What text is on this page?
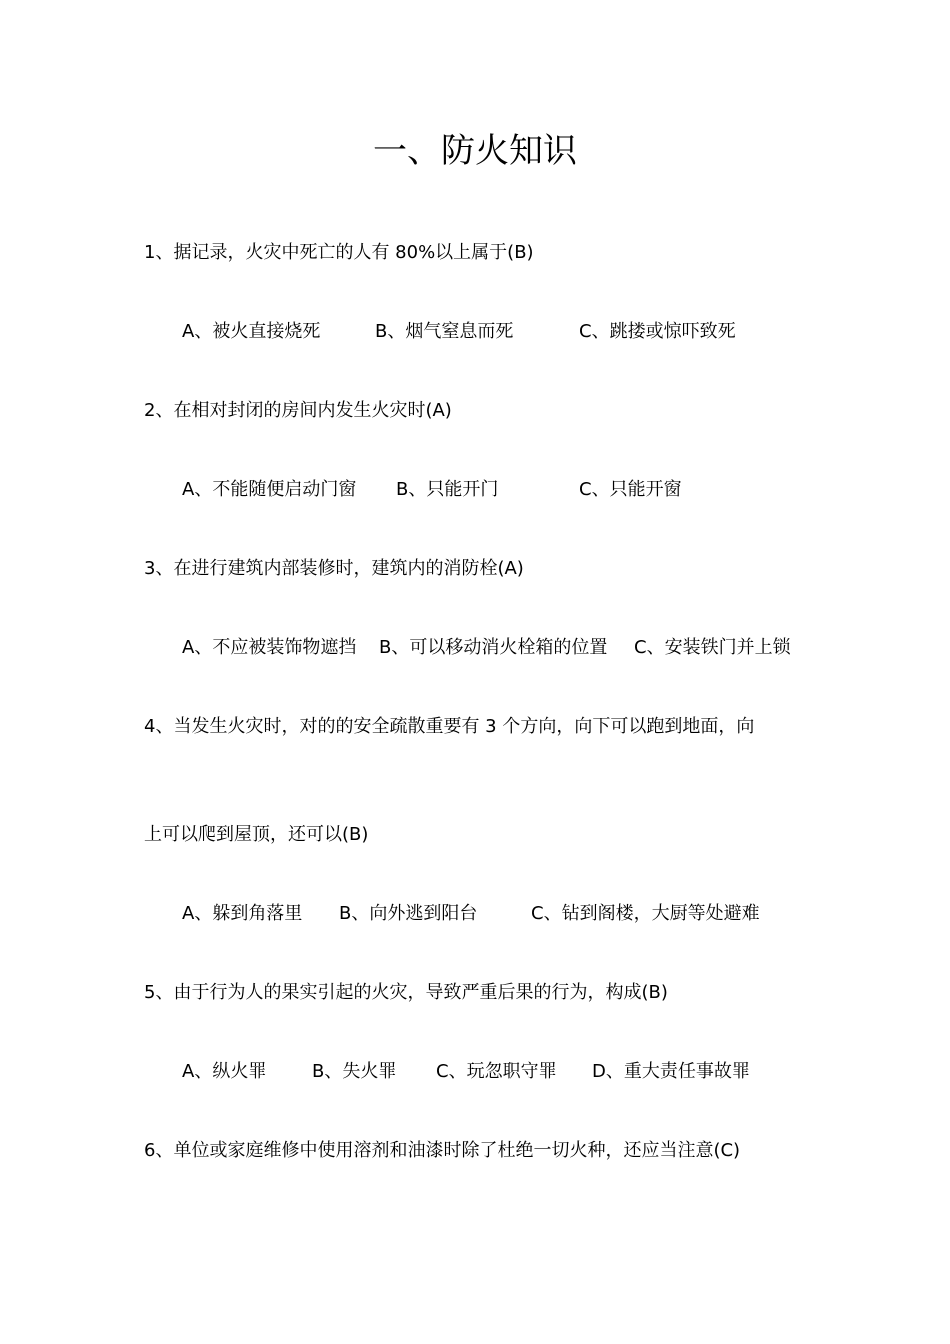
一、防火知识
1、据记录，火灾中死亡的人有 80%以上属于(B)
A、被火直接烧死	B、烟气窒息而死	C、跳搂或惊吓致死
2、在相对封闭的房间内发生火灾时(A)
A、不能随便启动门窗 B、只能开门	C、只能开窗
3、在进行建筑内部装修时，建筑内的消防栓(A)
A、不应被装饰物遮挡 B、可以移动消火栓箱的位置 C、安装铁门并上锁
4、当发生火灾时，对的的安全疏散重要有 3 个方向，向下可以跑到地面，向
上可以爬到屋顶，还可以(B)
A、躲到角落里 B、向外逃到阳台	C、钻到阁楼，大厨等处避难
5、由于行为人的果实引起的火灾，导致严重后果的行为，构成(B)
A、纵火罪	B、失火罪 C、玩忽职守罪 D、重大责任事故罪
6、单位或家庭维修中使用溶剂和油漆时除了杜绝一切火种，还应当注意(C)
